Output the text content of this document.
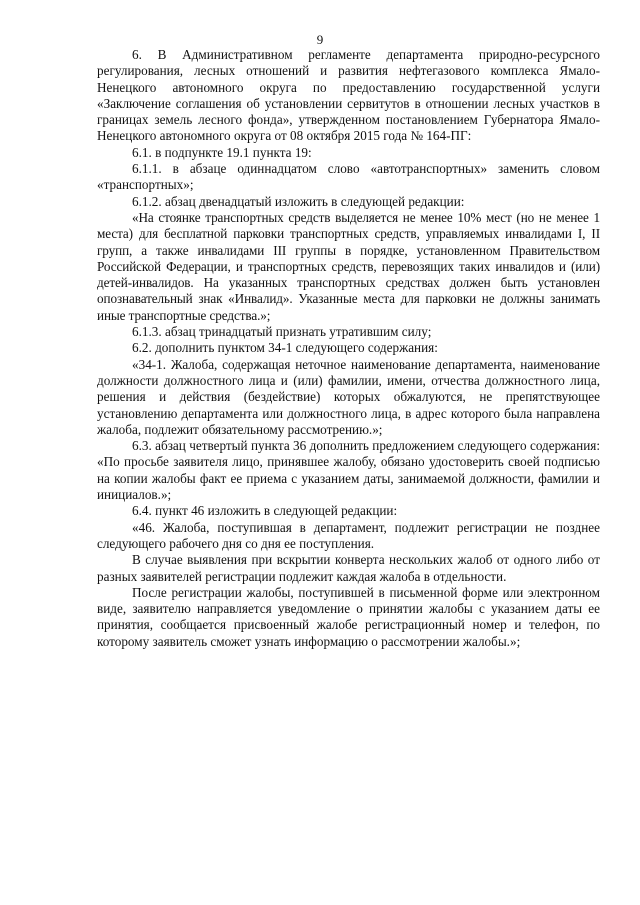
9

6. В Административном регламенте департамента природно-ресурсного регулирования, лесных отношений и развития нефтегазового комплекса Ямало-Ненецкого автономного округа по предоставлению государственной услуги «Заключение соглашения об установлении сервитутов в отношении лесных участков в границах земель лесного фонда», утвержденном постановлением Губернатора Ямало-Ненецкого автономного округа от 08 октября 2015 года № 164-ПГ:

6.1. в подпункте 19.1 пункта 19:

6.1.1. в абзаце одиннадцатом слово «автотранспортных» заменить словом «транспортных»;

6.1.2. абзац двенадцатый изложить в следующей редакции:

«На стоянке транспортных средств выделяется не менее 10% мест (но не менее 1 места) для бесплатной парковки транспортных средств, управляемых инвалидами I, II групп, а также инвалидами III группы в порядке, установленном Правительством Российской Федерации, и транспортных средств, перевозящих таких инвалидов и (или) детей-инвалидов. На указанных транспортных средствах должен быть установлен опознавательный знак «Инвалид». Указанные места для парковки не должны занимать иные транспортные средства.»;

6.1.3. абзац тринадцатый признать утратившим силу;

6.2. дополнить пунктом 34-1 следующего содержания:

«34-1. Жалоба, содержащая неточное наименование департамента, наименование должности должностного лица и (или) фамилии, имени, отчества должностного лица, решения и действия (бездействие) которых обжалуются, не препятствующее установлению департамента или должностного лица, в адрес которого была направлена жалоба, подлежит обязательному рассмотрению.»;

6.3. абзац четвертый пункта 36 дополнить предложением следующего содержания: «По просьбе заявителя лицо, принявшее жалобу, обязано удостоверить своей подписью на копии жалобы факт ее приема с указанием даты, занимаемой должности, фамилии и инициалов.»;

6.4. пункт 46 изложить в следующей редакции:

«46. Жалоба, поступившая в департамент, подлежит регистрации не позднее следующего рабочего дня со дня ее поступления.

В случае выявления при вскрытии конверта нескольких жалоб от одного либо от разных заявителей регистрации подлежит каждая жалоба в отдельности.

После регистрации жалобы, поступившей в письменной форме или электронном виде, заявителю направляется уведомление о принятии жалобы с указанием даты ее принятия, сообщается присвоенный жалобе регистрационный номер и телефон, по которому заявитель сможет узнать информацию о рассмотрении жалобы.»;
